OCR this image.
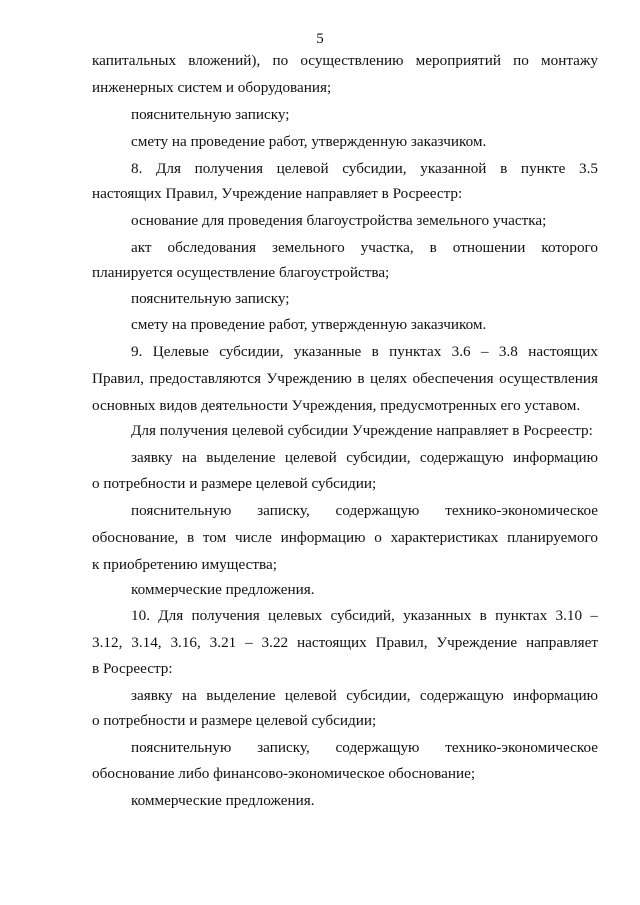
5
капитальных вложений), по осуществлению мероприятий по монтажу
инженерных систем и оборудования;
пояснительную записку;
смету на проведение работ, утвержденную заказчиком.
8. Для получения целевой субсидии, указанной в пункте 3.5
настоящих Правил, Учреждение направляет в Росреестр:
основание для проведения благоустройства земельного участка;
акт обследования земельного участка, в отношении которого
планируется осуществление благоустройства;
пояснительную записку;
смету на проведение работ, утвержденную заказчиком.
9. Целевые субсидии, указанные в пунктах 3.6 – 3.8 настоящих
Правил, предоставляются Учреждению в целях обеспечения осуществления
основных видов деятельности Учреждения, предусмотренных его уставом.
Для получения целевой субсидии Учреждение направляет в Росреестр:
заявку на выделение целевой субсидии, содержащую информацию
о потребности и размере целевой субсидии;
пояснительную записку, содержащую технико-экономическое
обоснование, в том числе информацию о характеристиках планируемого
к приобретению имущества;
коммерческие предложения.
10. Для получения целевых субсидий, указанных в пунктах 3.10 –
3.12, 3.14, 3.16, 3.21 – 3.22 настоящих Правил, Учреждение направляет
в Росреестр:
заявку на выделение целевой субсидии, содержащую информацию
о потребности и размере целевой субсидии;
пояснительную записку, содержащую технико-экономическое
обоснование либо финансово-экономическое обоснование;
коммерческие предложения.
